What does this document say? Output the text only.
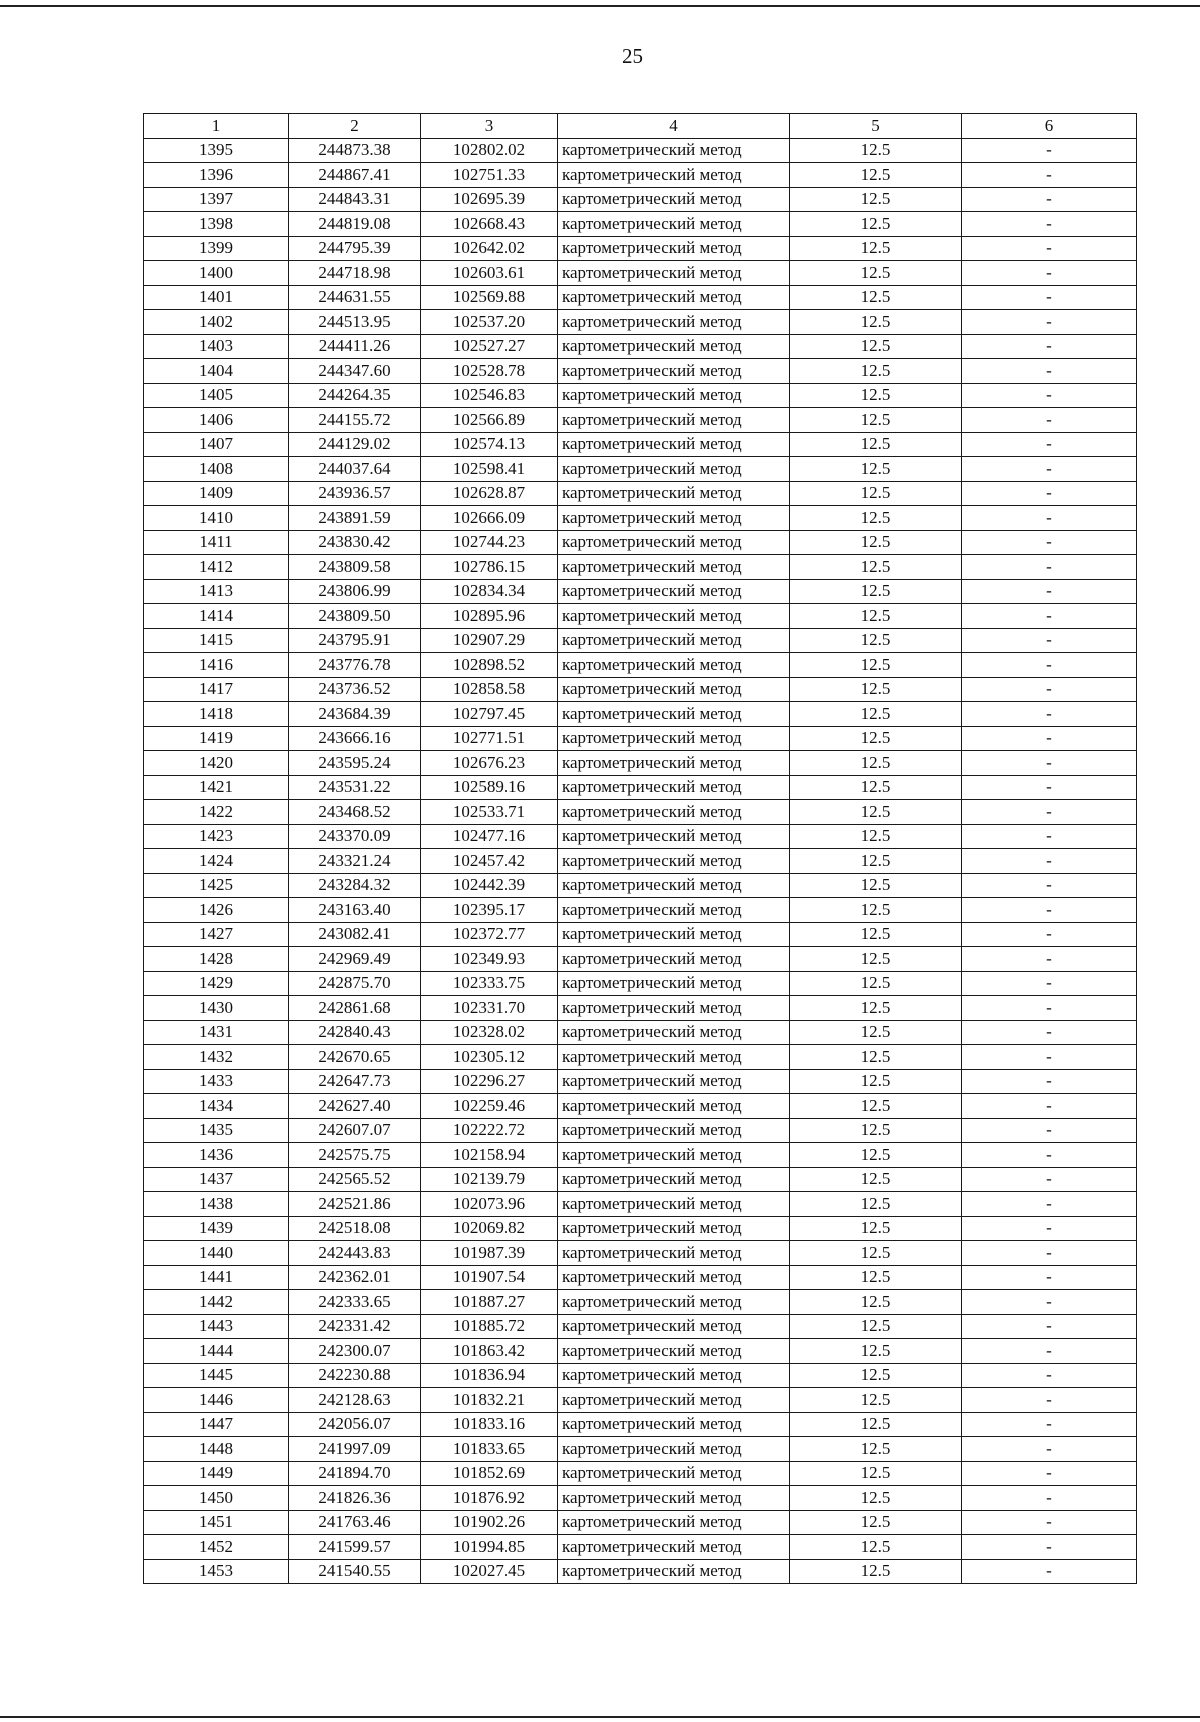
25
1	2	3	4	5	6
1395	244873.38	102802.02	картометрический метод	12.5	-
1396	244867.41	102751.33	картометрический метод	12.5	-
1397	244843.31	102695.39	картометрический метод	12.5	-
1398	244819.08	102668.43	картометрический метод	12.5	-
1399	244795.39	102642.02	картометрический метод	12.5	-
1400	244718.98	102603.61	картометрический метод	12.5	-
1401	244631.55	102569.88	картометрический метод	12.5	-
1402	244513.95	102537.20	картометрический метод	12.5	-
1403	244411.26	102527.27	картометрический метод	12.5	-
1404	244347.60	102528.78	картометрический метод	12.5	-
1405	244264.35	102546.83	картометрический метод	12.5	-
1406	244155.72	102566.89	картометрический метод	12.5	-
1407	244129.02	102574.13	картометрический метод	12.5	-
1408	244037.64	102598.41	картометрический метод	12.5	-
1409	243936.57	102628.87	картометрический метод	12.5	-
1410	243891.59	102666.09	картометрический метод	12.5	-
1411	243830.42	102744.23	картометрический метод	12.5	-
1412	243809.58	102786.15	картометрический метод	12.5	-
1413	243806.99	102834.34	картометрический метод	12.5	-
1414	243809.50	102895.96	картометрический метод	12.5	-
1415	243795.91	102907.29	картометрический метод	12.5	-
1416	243776.78	102898.52	картометрический метод	12.5	-
1417	243736.52	102858.58	картометрический метод	12.5	-
1418	243684.39	102797.45	картометрический метод	12.5	-
1419	243666.16	102771.51	картометрический метод	12.5	-
1420	243595.24	102676.23	картометрический метод	12.5	-
1421	243531.22	102589.16	картометрический метод	12.5	-
1422	243468.52	102533.71	картометрический метод	12.5	-
1423	243370.09	102477.16	картометрический метод	12.5	-
1424	243321.24	102457.42	картометрический метод	12.5	-
1425	243284.32	102442.39	картометрический метод	12.5	-
1426	243163.40	102395.17	картометрический метод	12.5	-
1427	243082.41	102372.77	картометрический метод	12.5	-
1428	242969.49	102349.93	картометрический метод	12.5	-
1429	242875.70	102333.75	картометрический метод	12.5	-
1430	242861.68	102331.70	картометрический метод	12.5	-
1431	242840.43	102328.02	картометрический метод	12.5	-
1432	242670.65	102305.12	картометрический метод	12.5	-
1433	242647.73	102296.27	картометрический метод	12.5	-
1434	242627.40	102259.46	картометрический метод	12.5	-
1435	242607.07	102222.72	картометрический метод	12.5	-
1436	242575.75	102158.94	картометрический метод	12.5	-
1437	242565.52	102139.79	картометрический метод	12.5	-
1438	242521.86	102073.96	картометрический метод	12.5	-
1439	242518.08	102069.82	картометрический метод	12.5	-
1440	242443.83	101987.39	картометрический метод	12.5	-
1441	242362.01	101907.54	картометрический метод	12.5	-
1442	242333.65	101887.27	картометрический метод	12.5	-
1443	242331.42	101885.72	картометрический метод	12.5	-
1444	242300.07	101863.42	картометрический метод	12.5	-
1445	242230.88	101836.94	картометрический метод	12.5	-
1446	242128.63	101832.21	картометрический метод	12.5	-
1447	242056.07	101833.16	картометрический метод	12.5	-
1448	241997.09	101833.65	картометрический метод	12.5	-
1449	241894.70	101852.69	картометрический метод	12.5	-
1450	241826.36	101876.92	картометрический метод	12.5	-
1451	241763.46	101902.26	картометрический метод	12.5	-
1452	241599.57	101994.85	картометрический метод	12.5	-
1453	241540.55	102027.45	картометрический метод	12.5	-
